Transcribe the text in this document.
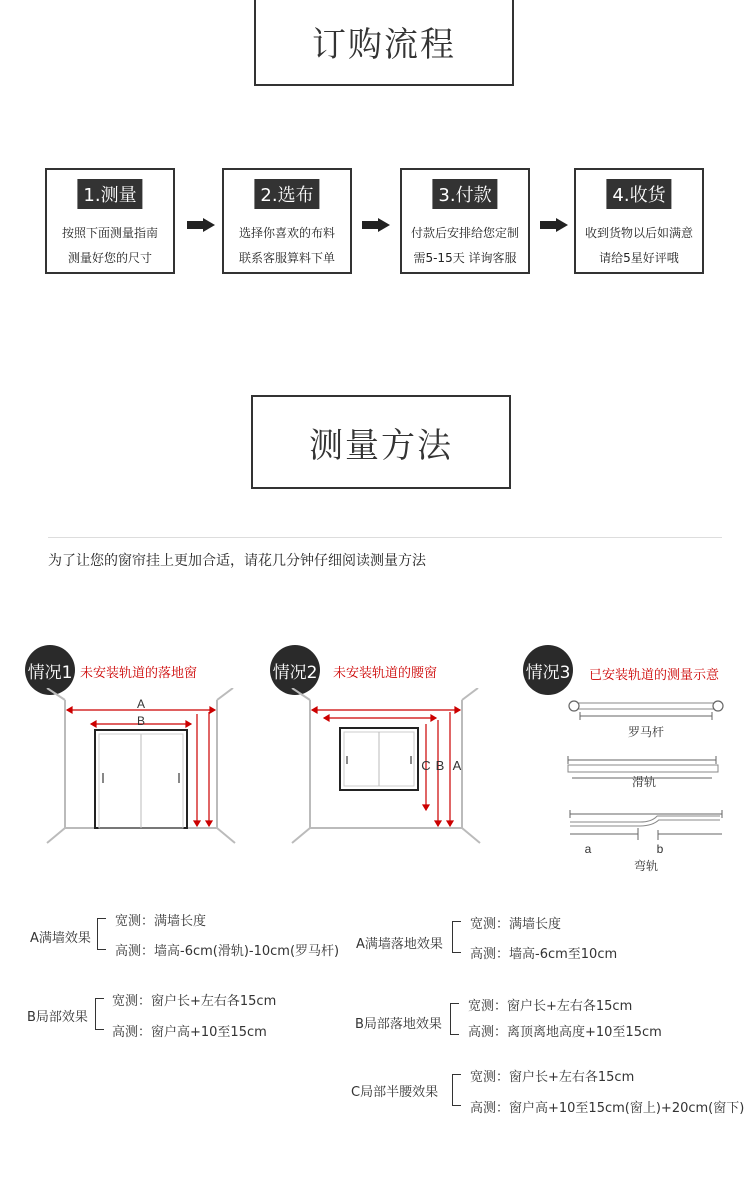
订购流程
1.测量
按照下面测量指南
测量好您的尺寸
2.选布
选择你喜欢的布料
联系客服算料下单
3.付款
付款后安排给您定制
需5-15天 详询客服
4.收货
收到货物以后如满意
请给5星好评哦
测量方法
为了让您的窗帘挂上更加合适，请花几分钟仔细阅读测量方法
情况1 未安装轨道的落地窗
A
B
情况2 未安装轨道的腰窗
C B A
情况3 已安装轨道的测量示意
罗马杆
滑轨
a	b
弯轨
A满墙效果
宽测：满墙长度
高测：墙高-6cm(滑轨)-10cm(罗马杆) A满墙落地效果
宽测：满墙长度
高测：墙高-6cm至10cm
B局部效果
宽测：窗户长+左右各15cm
高测：窗户高+10至15cm
B局部落地效果
宽测：窗户长+左右各15cm
高测：离顶离地高度+10至15cm
C局部半腰效果
宽测：窗户长+左右各15cm
高测：窗户高+10至15cm(窗上)+20cm(窗下)
